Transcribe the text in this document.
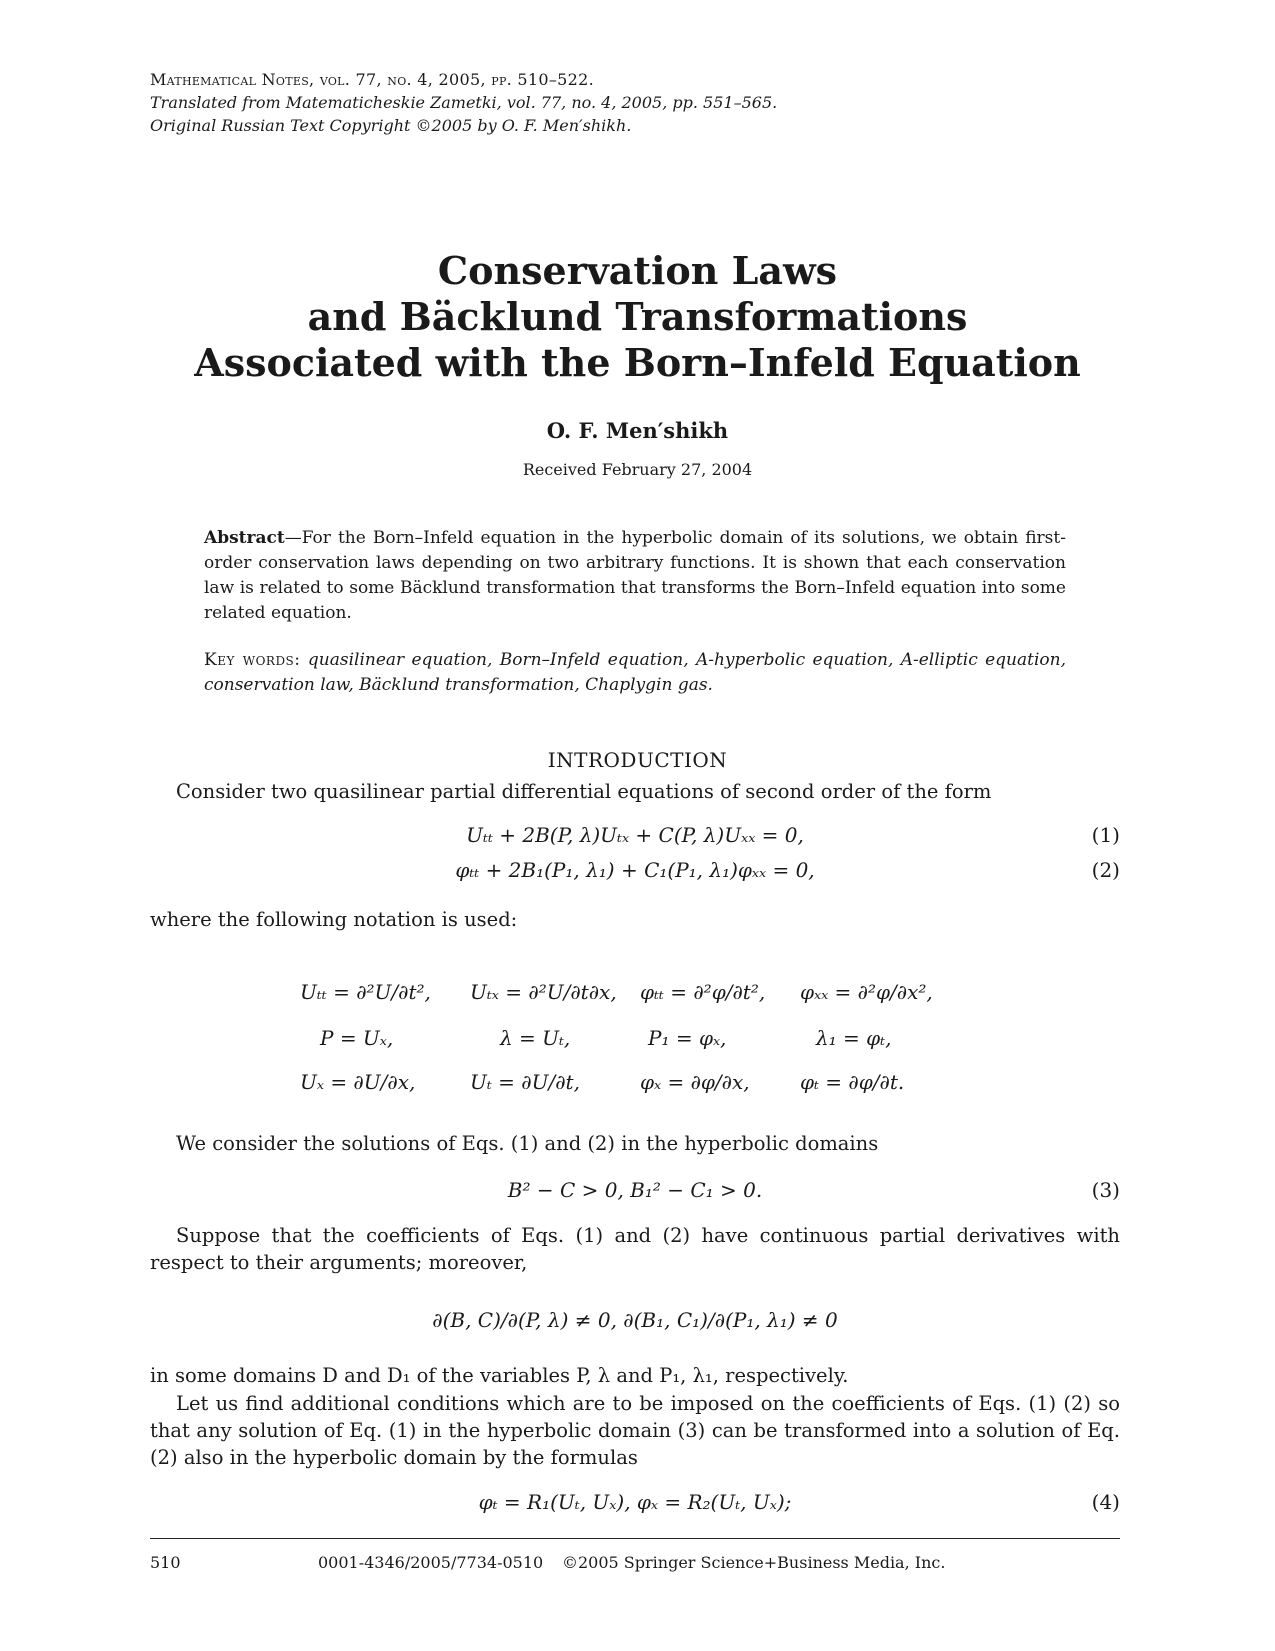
Mathematical Notes, vol. 77, no. 4, 2005, pp. 510–522.
Translated from Matematicheskie Zametki, vol. 77, no. 4, 2005, pp. 551–565.
Original Russian Text Copyright ©2005 by O. F. Men′shikh.
Conservation Laws
and Bäcklund Transformations
Associated with the Born–Infeld Equation
O. F. Men′shikh
Received February 27, 2004
Abstract—For the Born–Infeld equation in the hyperbolic domain of its solutions, we obtain first-order conservation laws depending on two arbitrary functions. It is shown that each conservation law is related to some Bäcklund transformation that transforms the Born–Infeld equation into some related equation.
Key words: quasilinear equation, Born–Infeld equation, A-hyperbolic equation, A-elliptic equation, conservation law, Bäcklund transformation, Chaplygin gas.
INTRODUCTION
Consider two quasilinear partial differential equations of second order of the form
Uₜₜ + 2B(P, λ)Uₜₓ + C(P, λ)Uₓₓ = 0,	(1)
φₜₜ + 2B₁(P₁, λ₁) + C₁(P₁, λ₁)φₓₓ = 0,	(2)
where the following notation is used:
Uₜₜ = ∂²U/∂t², Uₜₓ = ∂²U/∂t∂x, φₜₜ = ∂²φ/∂t², φₓₓ = ∂²φ/∂x²,
P = Uₓ,	λ = Uₜ,	P₁ = φₓ,	λ₁ = φₜ,
Uₓ = ∂U/∂x,	Uₜ = ∂U/∂t,	φₓ = ∂φ/∂x,	φₜ = ∂φ/∂t.
We consider the solutions of Eqs. (1) and (2) in the hyperbolic domains
B² − C > 0, B₁² − C₁ > 0.	(3)
Suppose that the coefficients of Eqs. (1) and (2) have continuous partial derivatives with respect to their arguments; moreover,
∂(B, C)/∂(P, λ) ≠ 0, ∂(B₁, C₁)/∂(P₁, λ₁) ≠ 0
in some domains D and D₁ of the variables P, λ and P₁, λ₁, respectively.
Let us find additional conditions which are to be imposed on the coefficients of Eqs. (1) (2) so that any solution of Eq. (1) in the hyperbolic domain (3) can be transformed into a solution of Eq. (2) also in the hyperbolic domain by the formulas
φₜ = R₁(Uₜ, Uₓ), φₓ = R₂(Uₜ, Uₓ);	(4)
510	0001-4346/2005/7734-0510 ©2005 Springer Science+Business Media, Inc.
